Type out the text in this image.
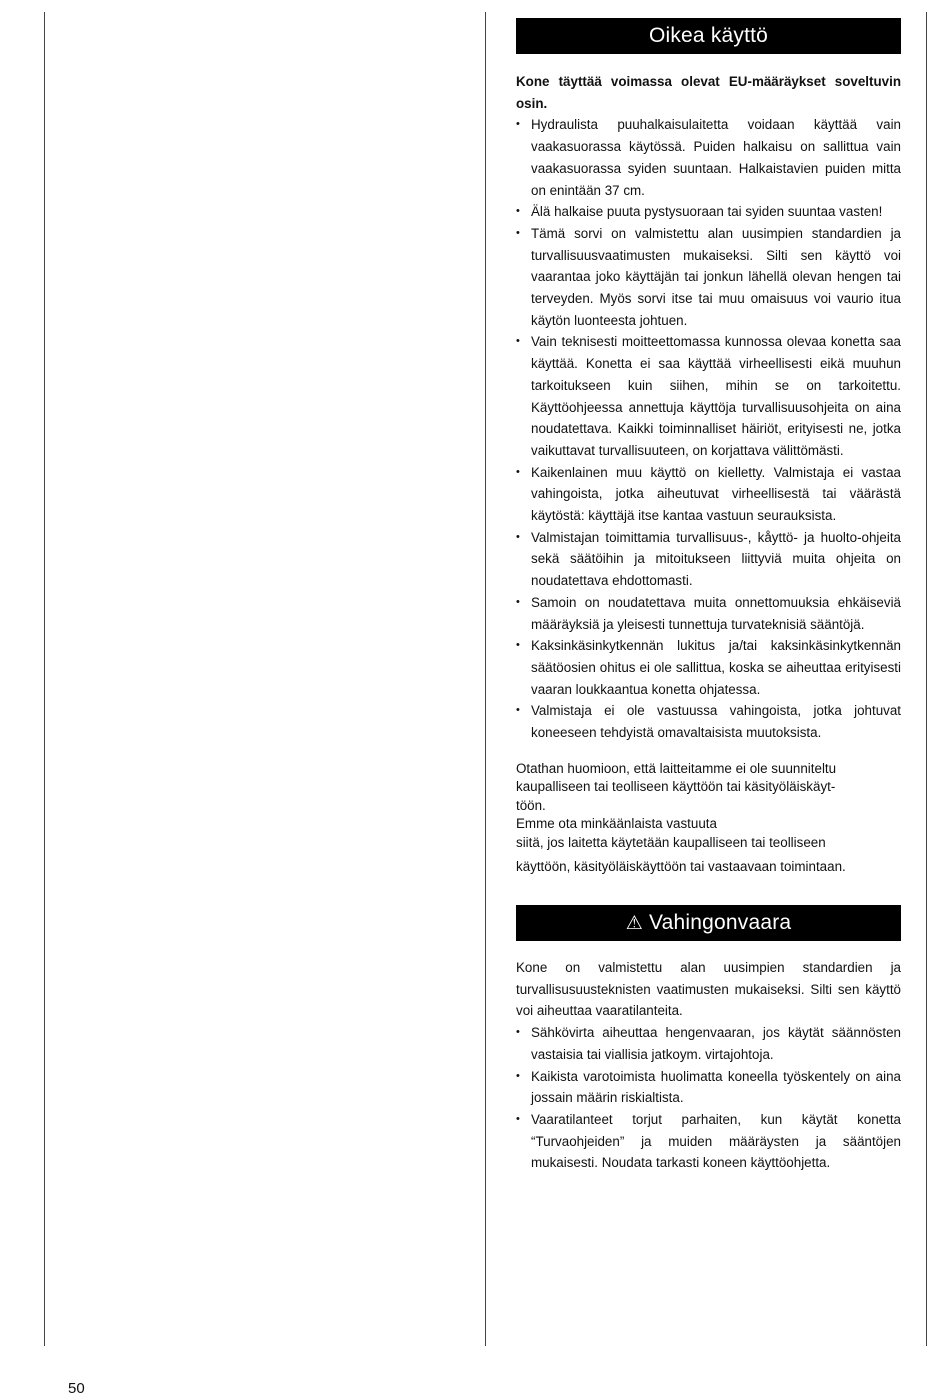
Oikea käyttö

Kone täyttää voimassa olevat EU-määräykset soveltuvin osin.

• Hydraulista puuhalkaisulaitetta voidaan käyttää vain vaakasuorassa käytössä. Puiden halkaisu on sallittua vain vaakasuorassa syiden suuntaan. Halkaistavien puiden mitta on enintään 37 cm.
• Älä halkaise puuta pystysuoraan tai syiden suuntaa vasten!
• Tämä sorvi on valmistettu alan uusimpien standardien ja turvallisuusvaatimusten mukaiseksi. Silti sen käyttö voi vaarantaa joko käyttäjän tai jonkun lähellä olevan hengen tai terveyden. Myös sorvi itse tai muu omaisuus voi vaurio itua käytön luonteesta johtuen.
• Vain teknisesti moitteettomassa kunnossa olevaa konetta saa käyttää. Konetta ei saa käyttää virheellisesti eikä muuhun tarkoitukseen kuin siihen, mihin se on tarkoitettu. Käyttöohjeessa annettuja käyttöja turvallisuusohjeita on aina noudatettava. Kaikki toiminnalliset häiriöt, erityisesti ne, jotka vaikuttavat turvallisuuteen, on korjattava välittömästi.
• Kaikenlainen muu käyttö on kielletty. Valmistaja ei vastaa vahingoista, jotka aiheutuvat virheellisestä tai väärästä käytöstä: käyttäjä itse kantaa vastuun seurauksista.
• Valmistajan toimittamia turvallisuus-, kåyttö- ja huolto-ohjeita sekä säätöihin ja mitoitukseen liittyviä muita ohjeita on noudatettava ehdottomasti.
• Samoin on noudatettava muita onnettomuuksia ehkäiseviä määräyksiä ja yleisesti tunnettuja turvateknisiä sääntöjä.
• Kaksinkäsinkytkennän lukitus ja/tai kaksinkäsinkytkennän säätöosien ohitus ei ole sallittua, koska se aiheuttaa erityisesti vaaran loukkaantua konetta ohjatessa.
• Valmistaja ei ole vastuussa vahingoista, jotka johtuvat koneeseen tehdyistä omavaltaisista muutoksista.
Otathan huomioon, että laitteitamme ei ole suunniteltu
kaupalliseen tai teolliseen käyttöön tai käsityöläiskäyt-
töön.
Emme ota minkäänlaista vastuuta
siitä, jos laitetta käytetään kaupalliseen tai teolliseen

käyttöön, käsityöläiskäyttöön tai vastaavaan toimintaan.

⚠ Vahingonvaara

Kone on valmistettu alan uusimpien standardien ja turvallisusuusteknisten vaatimusten mukaiseksi. Silti sen käyttö voi aiheuttaa vaaratilanteita.

• Sähkövirta aiheuttaa hengenvaaran, jos käytät säännösten vastaisia tai viallisia jatkoym. virtajohtoja.
• Kaikista varotoimista huolimatta koneella työskentely on aina jossain määrin riskialtista.
• Vaaratilanteet torjut parhaiten, kun käytät konetta “Turvaohjeiden” ja muiden määräysten ja sääntöjen mukaisesti. Noudata tarkasti koneen käyttöohjetta.
50
